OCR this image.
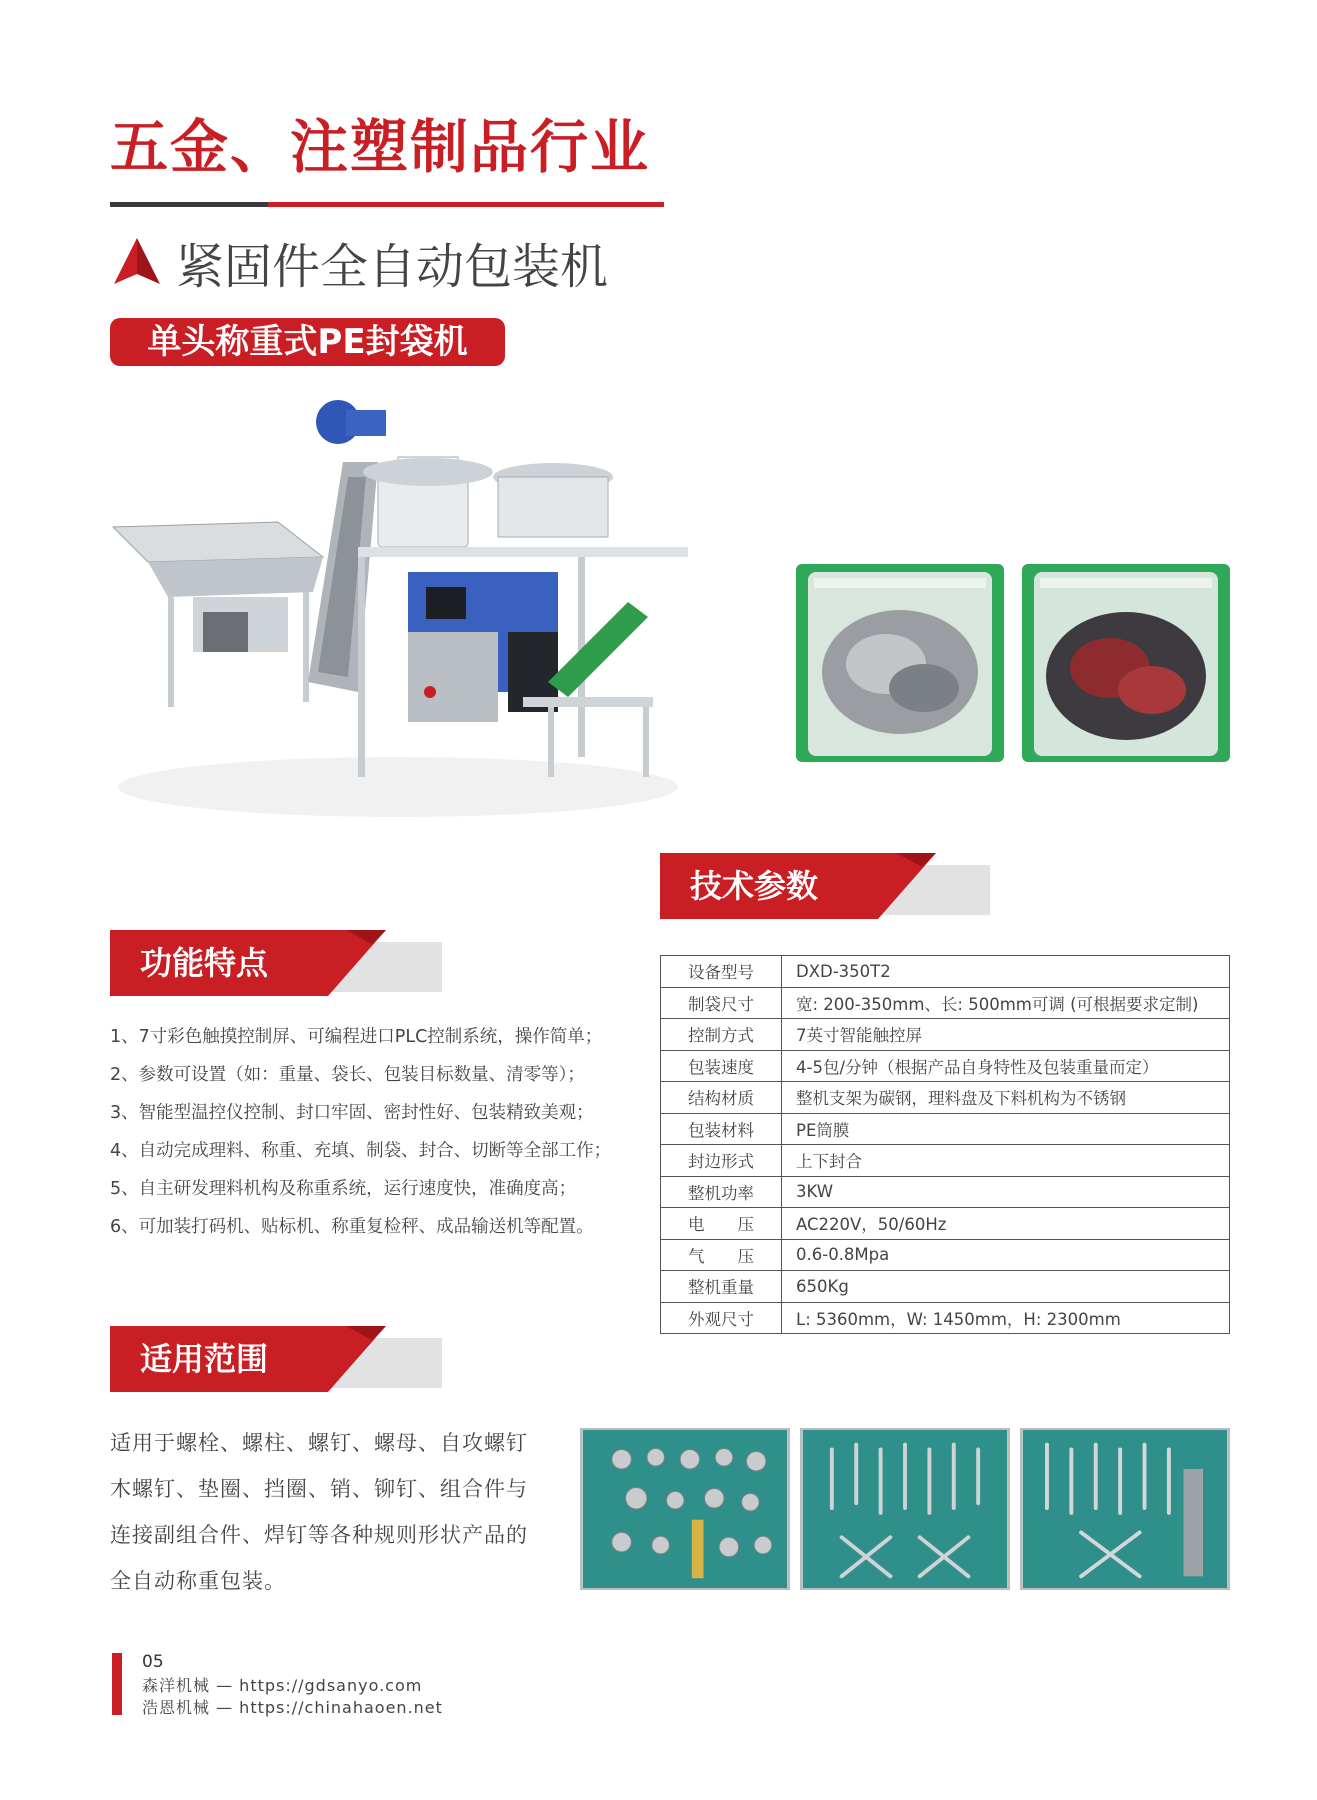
五金、注塑制品行业
紧固件全自动包装机
单头称重式PE封袋机
技术参数
设备型号	DXD-350T2
制袋尺寸	宽: 200-350mm、长: 500mm可调 (可根据要求定制)
控制方式	7英寸智能触控屏
包装速度	4-5包/分钟（根据产品自身特性及包装重量而定）
结构材质	整机支架为碳钢，理料盘及下料机构为不锈钢
包装材料	PE筒膜
封边形式	上下封合
整机功率	3KW
电　　压	AC220V，50/60Hz
气　　压	0.6-0.8Mpa
整机重量	650Kg
外观尺寸	L: 5360mm，W: 1450mm，H: 2300mm
功能特点
1、7寸彩色触摸控制屏、可编程进口PLC控制系统，操作简单；
2、参数可设置（如：重量、袋长、包装目标数量、清零等）；
3、智能型温控仪控制、封口牢固、密封性好、包装精致美观；
4、自动完成理料、称重、充填、制袋、封合、切断等全部工作；
5、自主研发理料机构及称重系统，运行速度快，准确度高；
6、可加装打码机、贴标机、称重复检秤、成品输送机等配置。
适用范围
适用于螺栓、螺柱、螺钉、螺母、自攻螺钉
木螺钉、垫圈、挡圈、销、铆钉、组合件与
连接副组合件、焊钉等各种规则形状产品的
全自动称重包装。
05
森洋机械 — https://gdsanyo.com
浩恩机械 — https://chinahaoen.net
